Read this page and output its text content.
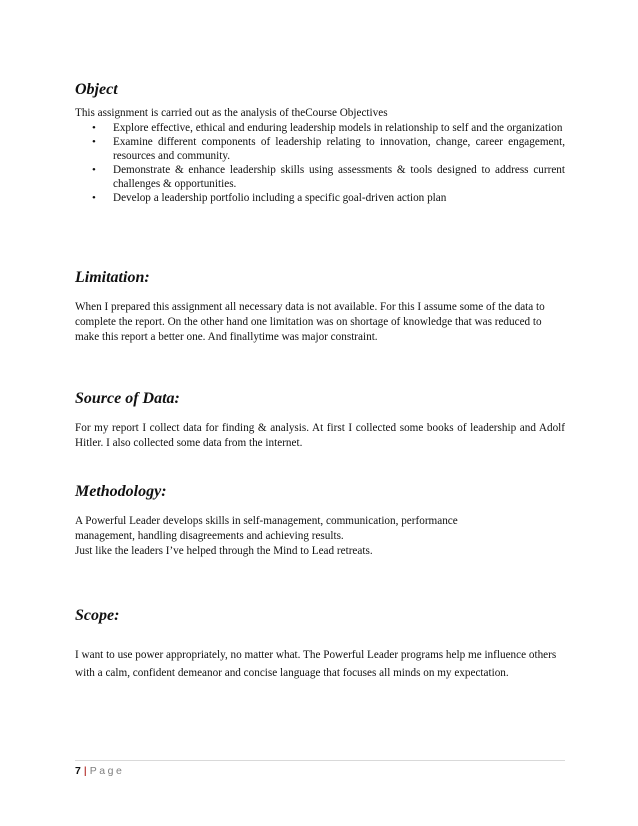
Object

This assignment is carried out as the analysis of theCourse Objectives

• Explore effective, ethical and enduring leadership models in relationship to self and the organization
• Examine different components of leadership relating to innovation, change, career engagement, resources and community.
• Demonstrate & enhance leadership skills using assessments & tools designed to address current challenges & opportunities.
• Develop a leadership portfolio including a specific goal-driven action plan
Limitation:

When I prepared this assignment all necessary data is not available. For this I assume some of the data to complete the report. On the other hand one limitation was on shortage of knowledge that was reduced to make this report a better one. And finallytime was major constraint.

Source of Data:

For my report I collect data for finding & analysis. At first I collected some books of leadership and Adolf Hitler. I also collected some data from the internet.

Methodology:

A Powerful Leader develops skills in self-management, communication, performance management, handling disagreements and achieving results.

Just like the leaders I’ve helped through the Mind to Lead retreats.

Scope:

I want to use power appropriately, no matter what. The Powerful Leader programs help me influence others with a calm, confident demeanor and concise language that focuses all minds on my expectation.

7 | Page
